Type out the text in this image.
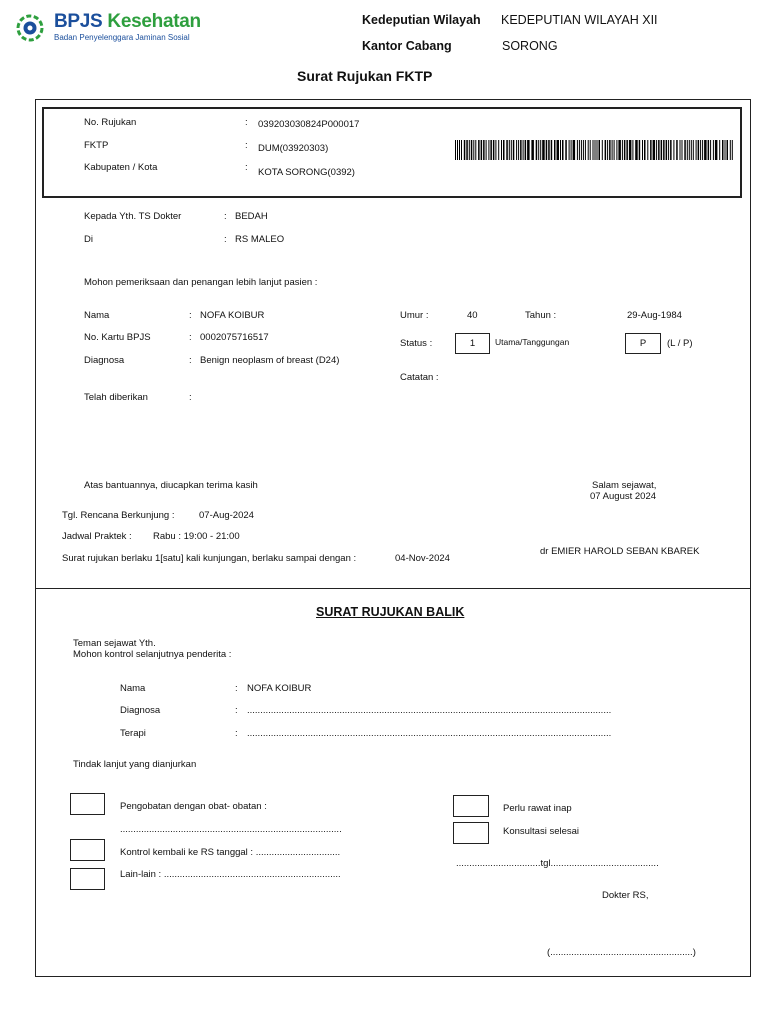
BPJS Kesehatan
Badan Penyelenggara Jaminan Sosial
Kedeputian Wilayah KEDEPUTIAN WILAYAH XII
Kantor Cabang	SORONG
Surat Rujukan FKTP
No. Rujukan	: 039203030824P000017
FKTP	: DUM(03920303)
Kabupaten / Kota	: KOTA SORONG(0392)
Kepada Yth. TS Dokter	: BEDAH
Di	: RS MALEO
Mohon pemeriksaan dan penangan lebih lanjut pasien :
Nama	: NOFA KOIBUR
No. Kartu BPJS	: 0002075716517
Diagnosa	: Benign neoplasm of breast (D24)
Telah diberikan	:
Umur :	40	Tahun :	29-Aug-1984
Status :	1	Utama/Tanggungan	P	(L / P)
Catatan :
Atas bantuannya, diucapkan terima kasih	Salam sejawat,
07 August 2024
Tgl. Rencana Berkunjung :	07-Aug-2024
Jadwal Praktek : Rabu : 19:00 - 21:00
Surat rujukan berlaku 1[satu] kali kunjungan, berlaku sampai dengan :	04-Nov-2024
dr EMIER HAROLD SEBAN KBAREK
SURAT RUJUKAN BALIK
Teman sejawat Yth.
Mohon kontrol selanjutnya penderita :
Nama	: NOFA KOIBUR
Diagnosa	: ..........................................................................................................................................
Terapi	: ..........................................................................................................................................
Tindak lanjut yang dianjurkan
Pengobatan dengan obat- obatan :
....................................................................................
Kontrol kembali ke RS tanggal : ................................
Lain-lain : ...................................................................
Perlu rawat inap
Konsultasi selesai
................................tgl.........................................
Dokter RS,
(......................................................)
